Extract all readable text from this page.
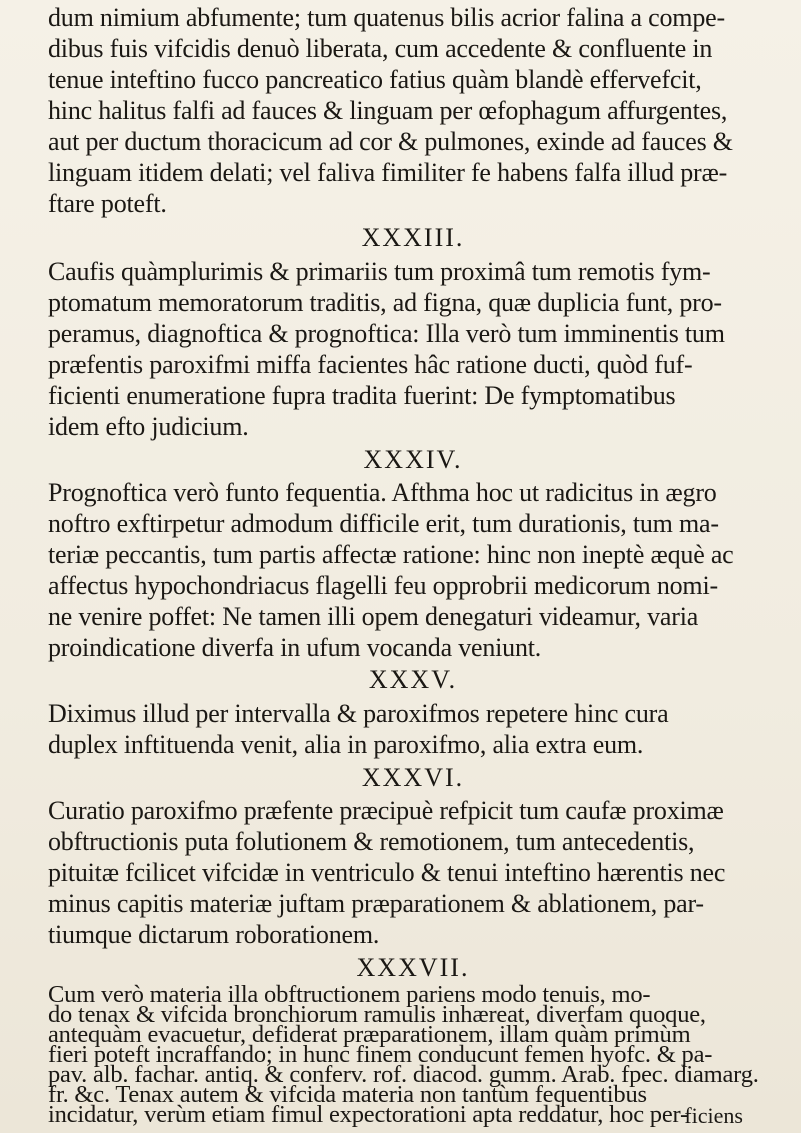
dum nimium abfumente; tum quatenus bilis acrior falina a compe-
dibus fuis vifcidis denuò liberata, cum accedente & confluente in
tenue inteftino fucco pancreatico fatius quàm blandè effervefcit,
hinc halitus falfi ad fauces & linguam per œfophagum affurgentes,
aut per ductum thoracicum ad cor & pulmones, exinde ad fauces &
linguam itidem delati; vel faliva fimiliter fe habens falfa illud præ-
ftare poteft.

XXXIII.

Caufis quàmplurimis & primariis tum proximâ tum remotis fym-
ptomatum memoratorum traditis, ad figna, quæ duplicia funt, pro-
peramus, diagnoftica & prognoftica: Illa verò tum imminentis tum
præfentis paroxifmi miffa facientes hâc ratione ducti, quòd fuf-
ficienti enumeratione fupra tradita fuerint: De fymptomatibus
idem efto judicium.

XXXIV.

Prognoftica verò funto fequentia. Afthma hoc ut radicitus in ægro
noftro exftirpetur admodum difficile erit, tum durationis, tum ma-
teriæ peccantis, tum partis affectæ ratione: hinc non ineptè æquè ac
affectus hypochondriacus flagelli feu opprobrii medicorum nomi-
ne venire poffet: Ne tamen illi opem denegaturi videamur, varia
proindicatione diverfa in ufum vocanda veniunt.

XXXV.

Diximus illud per intervalla & paroxifmos repetere hinc cura
duplex inftituenda venit, alia in paroxifmo, alia extra eum.

XXXVI.

Curatio paroxifmo præfente præcipuè refpicit tum caufæ proximæ
obftructionis puta folutionem & remotionem, tum antecedentis,
pituitæ fcilicet vifcidæ in ventriculo & tenui inteftino hærentis nec
minus capitis materiæ juftam præparationem & ablationem, par-
tiumque dictarum roborationem.

XXXVII.

Cum verò materia illa obftructionem pariens modo tenuis, mo-
do tenax & vifcida bronchiorum ramulis inhæreat, diverfam quoque,
antequàm evacuetur, defiderat præparationem, illam quàm primùm
fieri poteft incraffando; in hunc finem conducunt femen hyofc. & pa-
pav. alb. fachar. antiq. & conferv. rof. diacod. gumm. Arab. fpec. diamarg.
fr. &c. Tenax autem & vifcida materia non tantùm fequentibus
incidatur, verùm etiam fimul expectorationi apta reddatur, hoc per-

ficiens
